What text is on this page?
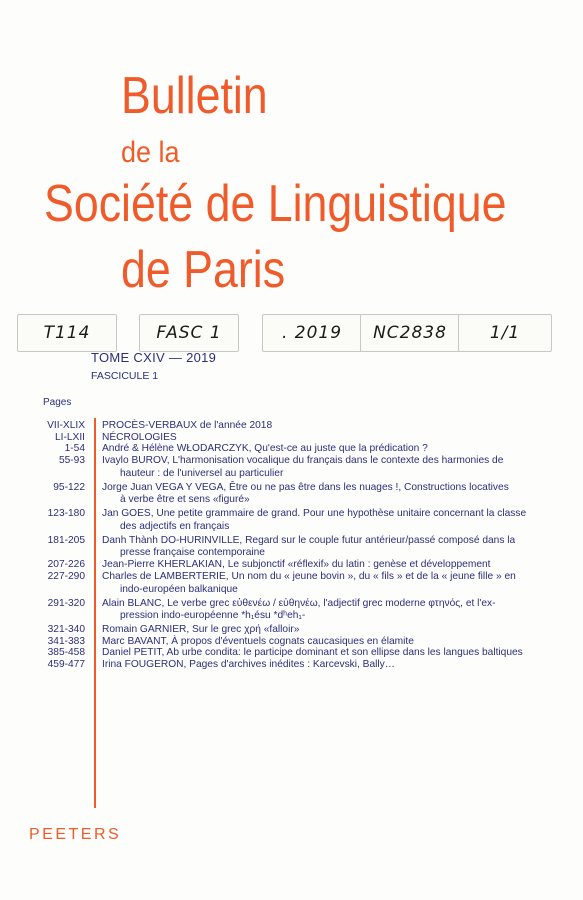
Bulletin
de la
Société de Linguistique
de Paris
T114	FASC 1	. 2019	NC2838	1/1
TOME CXIV — 2019
FASCICULE 1
Pages
VII-XLIX PROCÈS-VERBAUX de l'année 2018
LI-LXII NÉCROLOGIES
1-54 André & Hélène WŁODARCZYK, Qu'est-ce au juste que la prédication ?
55-93 Ivaylo BUROV, L'harmonisation vocalique du français dans le contexte des harmonies de
hauteur : de l'universel au particulier
95-122 Jorge Juan VEGA Y VEGA, Être ou ne pas être dans les nuages !, Constructions locatives
à verbe être et sens «figuré»
123-180 Jan GOES, Une petite grammaire de grand. Pour une hypothèse unitaire concernant la classe
des adjectifs en français
181-205 Danh Thành DO-HURINVILLE, Regard sur le couple futur antérieur/passé composé dans la
presse française contemporaine
207-226 Jean-Pierre KHERLAKIAN, Le subjonctif «réflexif» du latin : genèse et développement
227-290 Charles de LAMBERTERIE, Un nom du « jeune bovin », du « fils » et de la « jeune fille » en
indo-européen balkanique
291-320 Alain BLANC, Le verbe grec εὐθενέω / εὐθηνέω, l'adjectif grec moderne φτηνός, et l'ex-
pression indo-européenne *h₁ésu *dʰeh₁-
321-340 Romain GARNIER, Sur le grec χρή «falloir»
341-383 Marc BAVANT, À propos d'éventuels cognats caucasiques en élamite
385-458 Daniel PETIT, Ab urbe condita: le participe dominant et son ellipse dans les langues baltiques
459-477 Irina FOUGERON, Pages d'archives inédites : Karcevski, Bally…
PEETERS
